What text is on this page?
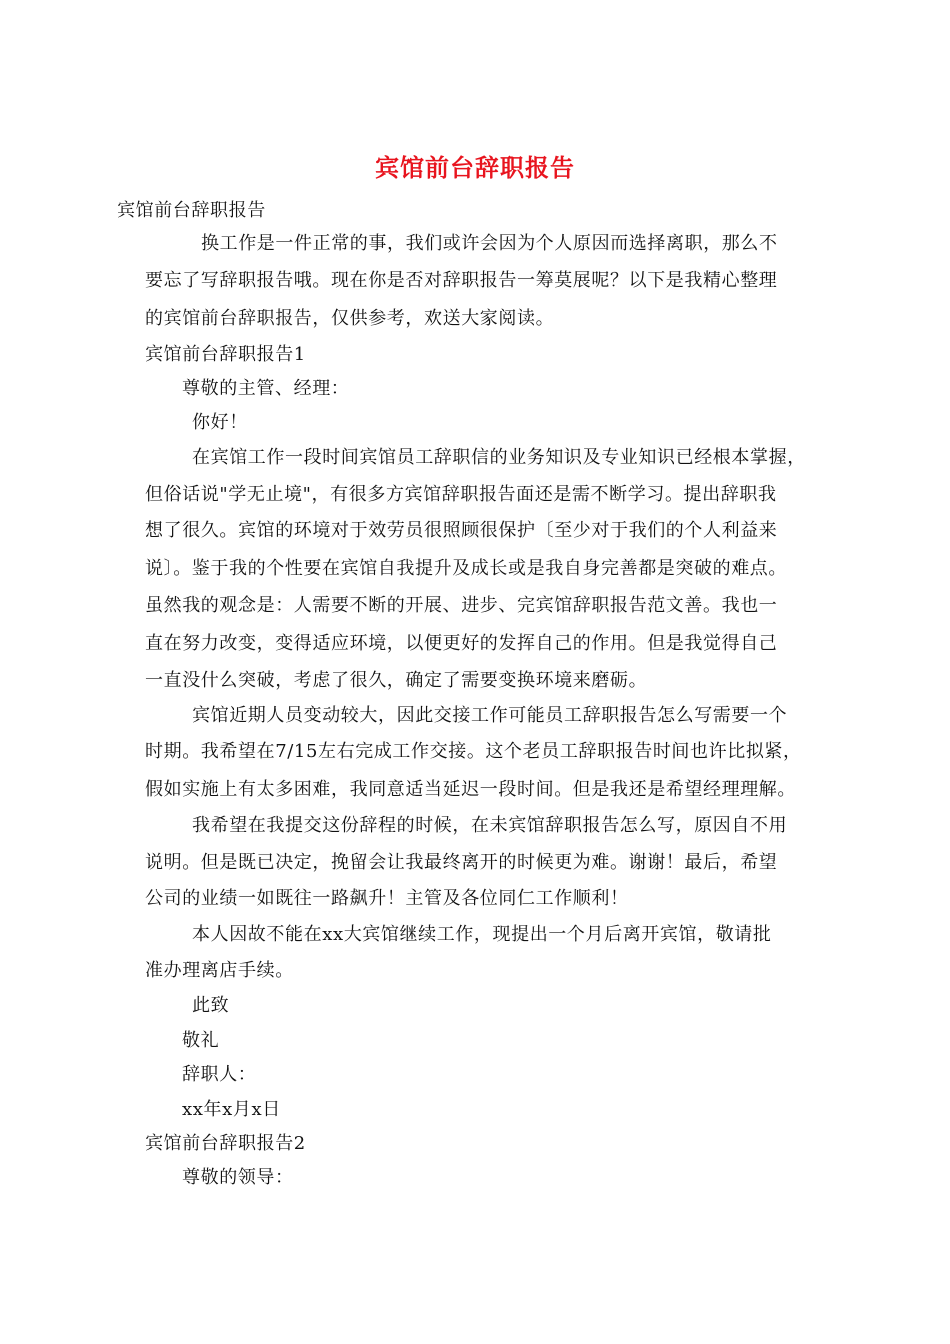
宾馆前台辞职报告
宾馆前台辞职报告
换工作是一件正常的事，我们或许会因为个人原因而选择离职，那么不
要忘了写辞职报告哦。现在你是否对辞职报告一筹莫展呢？以下是我精心整理
的宾馆前台辞职报告，仅供参考，欢送大家阅读。
宾馆前台辞职报告1
尊敬的主管、经理：
你好！
在宾馆工作一段时间宾馆员工辞职信的业务知识及专业知识已经根本掌握，
但俗话说"学无止境"，有很多方宾馆辞职报告面还是需不断学习。提出辞职我
想了很久。宾馆的环境对于效劳员很照顾很保护〔至少对于我们的个人利益来
说〕。鉴于我的个性要在宾馆自我提升及成长或是我自身完善都是突破的难点。
虽然我的观念是：人需要不断的开展、进步、完宾馆辞职报告范文善。我也一
直在努力改变，变得适应环境，以便更好的发挥自己的作用。但是我觉得自己
一直没什么突破，考虑了很久，确定了需要变换环境来磨砺。
宾馆近期人员变动较大，因此交接工作可能员工辞职报告怎么写需要一个
时期。我希望在7/15左右完成工作交接。这个老员工辞职报告时间也许比拟紧，
假如实施上有太多困难，我同意适当延迟一段时间。但是我还是希望经理理解。
我希望在我提交这份辞程的时候，在未宾馆辞职报告怎么写，原因自不用
说明。但是既已决定，挽留会让我最终离开的时候更为难。谢谢！最后，希望
公司的业绩一如既往一路飙升！主管及各位同仁工作顺利！
本人因故不能在xx大宾馆继续工作，现提出一个月后离开宾馆，敬请批
准办理离店手续。
此致
敬礼
辞职人：
xx年x月x日
宾馆前台辞职报告2
尊敬的领导：
